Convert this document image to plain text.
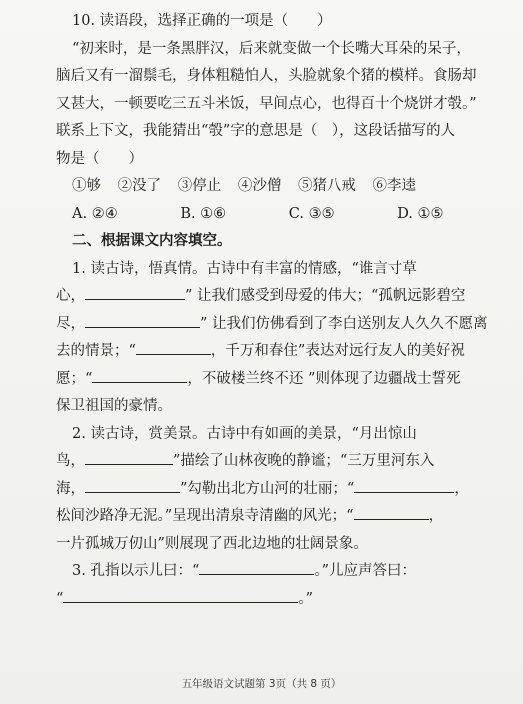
10. 读语段，选择正确的一项是（　　）
“初来时，是一条黑胖汉，后来就变做一个长嘴大耳朵的呆子，
脑后又有一溜鬃毛，身体粗糙怕人，头脸就象个猪的模样。食肠却
又甚大，一顿要吃三五斗米饭，早间点心，也得百十个烧饼才彀。”
联系上下文，我能猜出“彀”字的意思是（　），这段话描写的人
物是（　　）
①够 ②没了 ③停止 ④沙僧 ⑤猪八戒 ⑥李逵
A. ②④	B. ①⑥	C. ③⑤	D. ①⑤
二、根据课文内容填空。
1. 读古诗，悟真情。古诗中有丰富的情感，“谁言寸草
心，	” 让我们感受到母爱的伟大；“孤帆远影碧空
尽，	” 让我们仿佛看到了李白送别友人久久不愿离
去的情景；“	，千万和春住”表达对远行友人的美好祝
愿；“	，不破楼兰终不还 ”则体现了边疆战士誓死
保卫祖国的豪情。
2. 读古诗，赏美景。古诗中有如画的美景，“月出惊山
鸟，	”描绘了山林夜晚的静谧；“三万里河东入
海，	”勾勒出北方山河的壮丽；“	，
松间沙路净无泥。”呈现出清泉寺清幽的风光；“	，
一片孤城万仞山”则展现了西北边地的壮阔景象。
3. 孔指以示儿曰：“	。”儿应声答曰：
“	。”
五年级语文试题第 3页（共 8 页）
